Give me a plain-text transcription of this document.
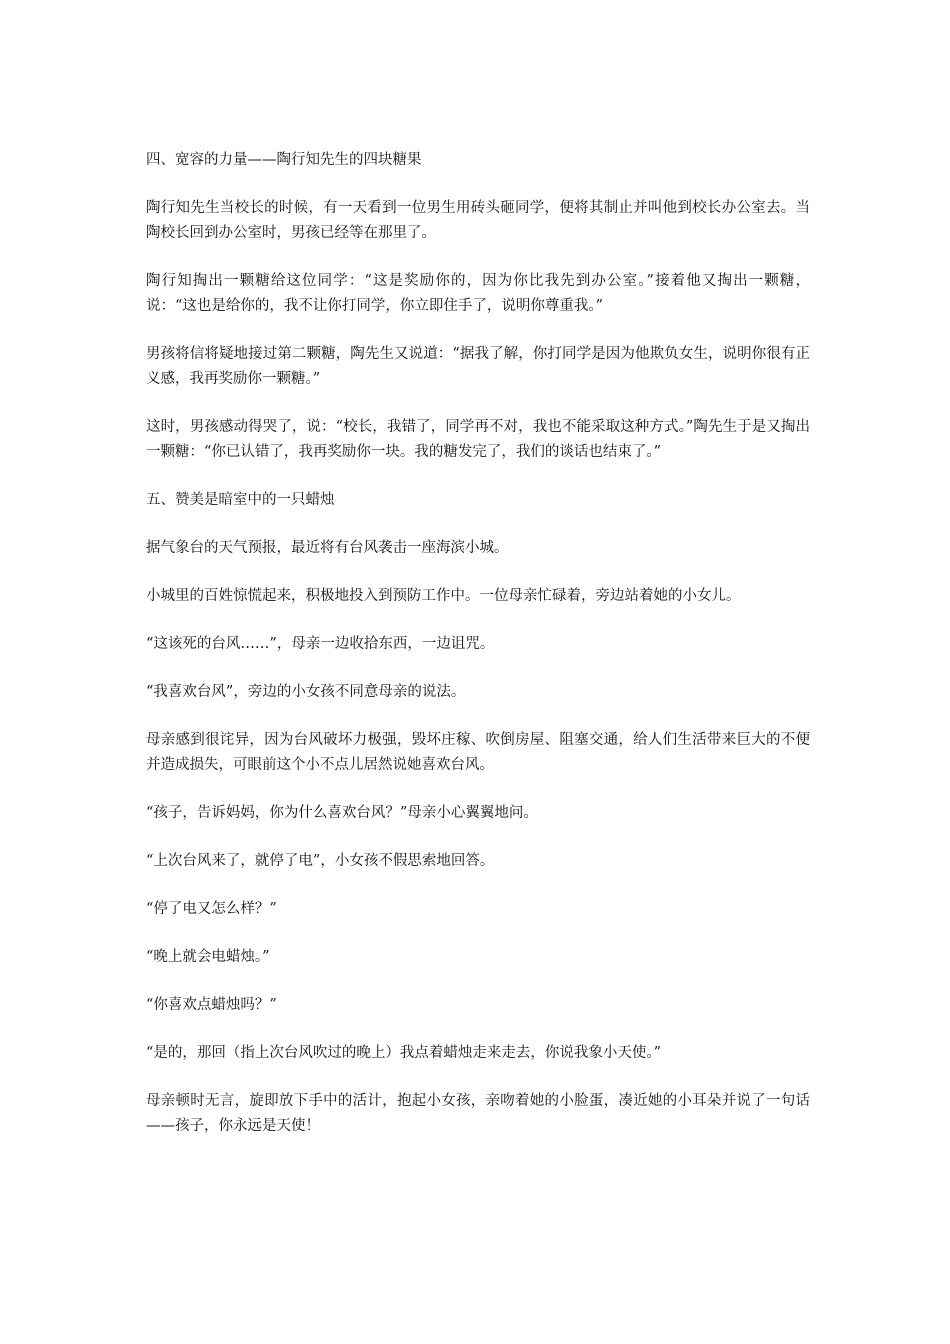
四、宽容的力量——陶行知先生的四块糖果

陶行知先生当校长的时候，有一天看到一位男生用砖头砸同学，便将其制止并叫他到校长办公室去。当陶校长回到办公室时，男孩已经等在那里了。

陶行知掏出一颗糖给这位同学：“这是奖励你的，因为你比我先到办公室。”接着他又掏出一颗糖，说：“这也是给你的，我不让你打同学，你立即住手了，说明你尊重我。”

男孩将信将疑地接过第二颗糖，陶先生又说道：“据我了解，你打同学是因为他欺负女生，说明你很有正义感，我再奖励你一颗糖。”

这时，男孩感动得哭了，说：“校长，我错了，同学再不对，我也不能采取这种方式。”陶先生于是又掏出一颗糖：“你已认错了，我再奖励你一块。我的糖发完了，我们的谈话也结束了。”

五、赞美是暗室中的一只蜡烛

据气象台的天气预报，最近将有台风袭击一座海滨小城。

小城里的百姓惊慌起来，积极地投入到预防工作中。一位母亲忙碌着，旁边站着她的小女儿。

“这该死的台风……”，母亲一边收拾东西，一边诅咒。

“我喜欢台风”，旁边的小女孩不同意母亲的说法。

母亲感到很诧异，因为台风破坏力极强，毁坏庄稼、吹倒房屋、阻塞交通，给人们生活带来巨大的不便并造成损失，可眼前这个小不点儿居然说她喜欢台风。

“孩子，告诉妈妈，你为什么喜欢台风？”母亲小心翼翼地问。

“上次台风来了，就停了电”，小女孩不假思索地回答。

“停了电又怎么样？”

“晚上就会电蜡烛。”

“你喜欢点蜡烛吗？”

“是的，那回（指上次台风吹过的晚上）我点着蜡烛走来走去，你说我象小天使。”

母亲顿时无言，旋即放下手中的活计，抱起小女孩，亲吻着她的小脸蛋，凑近她的小耳朵并说了一句话——孩子，你永远是天使！
